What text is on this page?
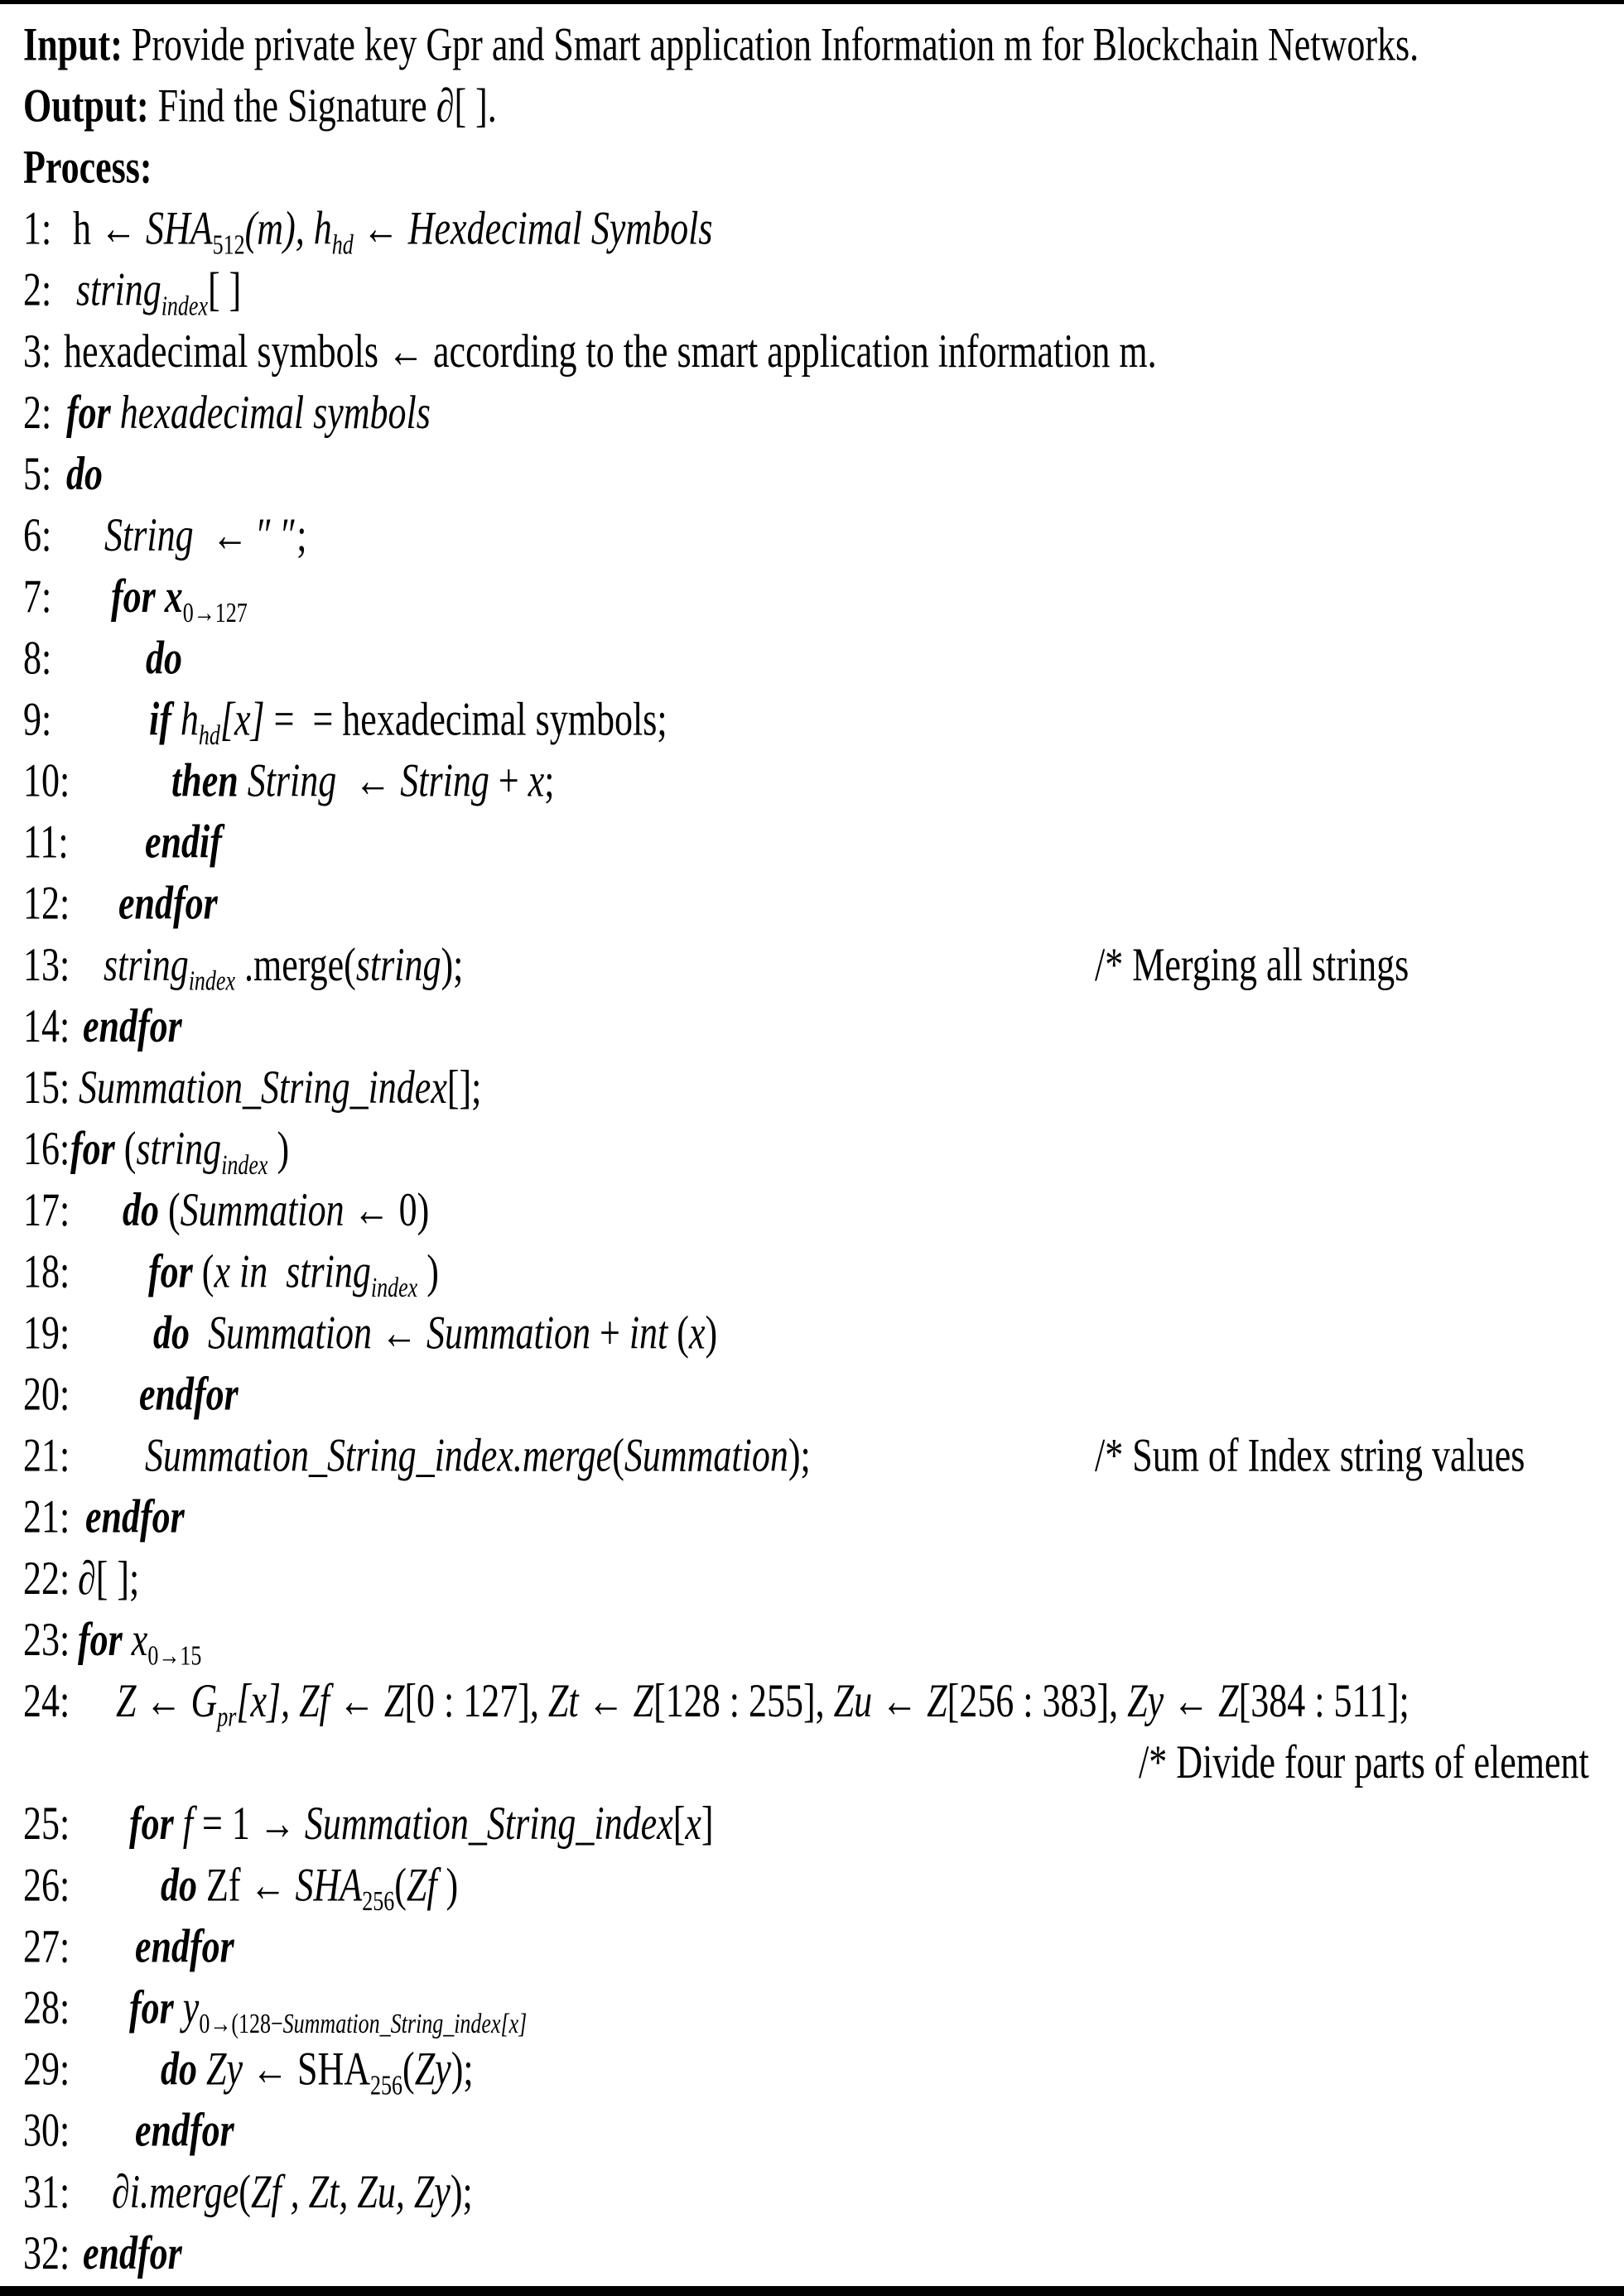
Input: Provide private key Gpr and Smart application Information m for Blockchain Networks.
Output: Find the Signature ∂[ ].
Process:
1: h ← $SHA_{512}(m)$, $h_{hd}$ ← Hexdecimal Symbols
2: string$_{index}$[ ]
3: hexadecimal symbols ← according to the smart application information m.
2: for hexadecimal symbols
5: do
6: String  ← ″ ″;
7: for $x_{0\to 127}$
8:	do
9:	if $h_{hd}[x]$ =  = hexadecimal symbols;
10:	then String  ← String + x;
11: endif
12: endfor
13: string$_{index}$ .merge(string);	/* Merging all strings
14: endfor
15: Summation_String_index[];
16: for (string$_{index}$ )
17: do (Summation ← 0)
18: for (x in  string$_{index}$ )
19: do  Summation ← Summation + int (x)
20: endfor
21: Summation_String_index.merge(Summation);	/* Sum of Index string values
21: endfor
22: ∂[ ];
23: for $x_{0\to 15}$
24: Z ← $G_{pr}[x]$, Zf ← Z[0 : 127], Zt ← Z[128 : 255], Zu ← Z[256 : 383], Zy ← Z[384 : 511];
/* Divide four parts of element
25: for f = 1 → Summation_String_index[x]
26: do Zf ← $SHA_{256}(Zf$ )
27: endfor
28: for $y_{0\to(128-Summation\_String\_index[x]}$
29: do Zy ← $SHA_{256}(Zy)$;
30: endfor
31: ∂i.merge(Zf , Zt, Zu, Zy);
32: endfor
